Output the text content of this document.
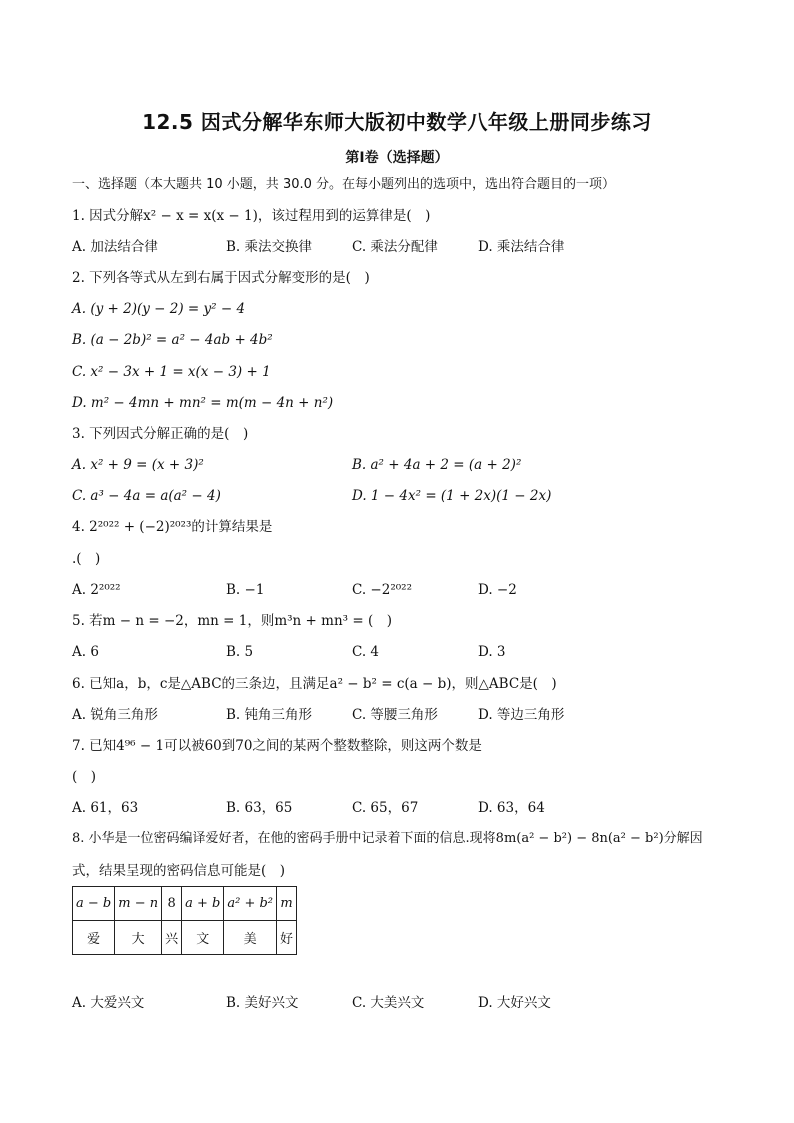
12.5 因式分解华东师大版初中数学八年级上册同步练习
第Ⅰ卷（选择题）
一、选择题（本大题共 10 小题，共 30.0 分。在每小题列出的选项中，选出符合题目的一项）
1. 因式分解x² − x = x(x − 1)，该过程用到的运算律是(　)
A. 加法结合律	B. 乘法交换律	C. 乘法分配律	D. 乘法结合律
2. 下列各等式从左到右属于因式分解变形的是(　)
A. (y + 2)(y − 2) = y² − 4
B. (a − 2b)² = a² − 4ab + 4b²
C. x² − 3x + 1 = x(x − 3) + 1
D. m² − 4mn + mn² = m(m − 4n + n²)
3. 下列因式分解正确的是(　)
A. x² + 9 = (x + 3)²	B. a² + 4a + 2 = (a + 2)²
C. a³ − 4a = a(a² − 4)	D. 1 − 4x² = (1 + 2x)(1 − 2x)
4. 2²⁰²² + (−2)²⁰²³的计算结果是
.(　)
A. 2²⁰²²	B. −1	C. −2²⁰²²	D. −2
5. 若m − n = −2，mn = 1，则m³n + mn³ = (　)
A. 6	B. 5	C. 4	D. 3
6. 已知a，b，c是△ABC的三条边，且满足a² − b² = c(a − b)，则△ABC是(　)
A. 锐角三角形	B. 钝角三角形	C. 等腰三角形	D. 等边三角形
7. 已知4⁹⁶ − 1可以被60到70之间的某两个整数整除，则这两个数是
(　)
A. 61，63	B. 63，65	C. 65，67	D. 63，64
8. 小华是一位密码编译爱好者，在他的密码手册中记录着下面的信息.现将8m(a² − b²) − 8n(a² − b²)分解因
式，结果呈现的密码信息可能是(　)
a − b	m − n	8	a + b	a² + b²	m
爱	大	兴	文	美	好
A. 大爱兴文	B. 美好兴文	C. 大美兴文	D. 大好兴文
